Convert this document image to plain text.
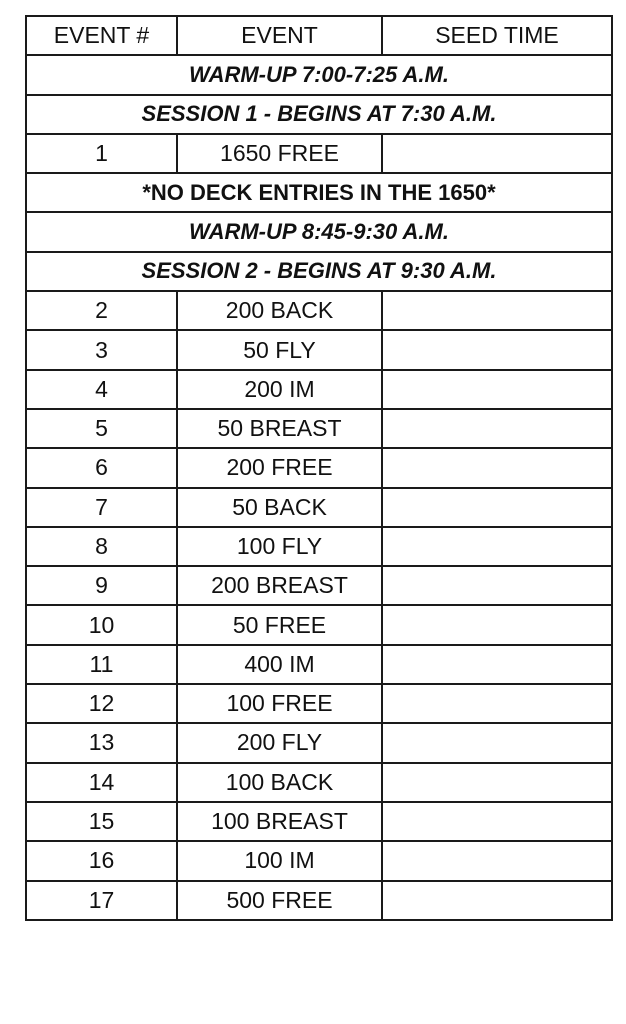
EVENT #	EVENT	SEED TIME
WARM-UP 7:00-7:25 A.M.		
SESSION 1 - BEGINS AT 7:30 A.M.		
1	1650 FREE	
*NO DECK ENTRIES IN THE 1650*		
WARM-UP 8:45-9:30 A.M.		
SESSION 2 - BEGINS AT 9:30 A.M.		
2	200 BACK	
3	50 FLY	
4	200 IM	
5	50 BREAST	
6	200 FREE	
7	50 BACK	
8	100 FLY	
9	200 BREAST	
10	50 FREE	
11	400 IM	
12	100 FREE	
13	200 FLY	
14	100 BACK	
15	100 BREAST	
16	100 IM	
17	500 FREE	
